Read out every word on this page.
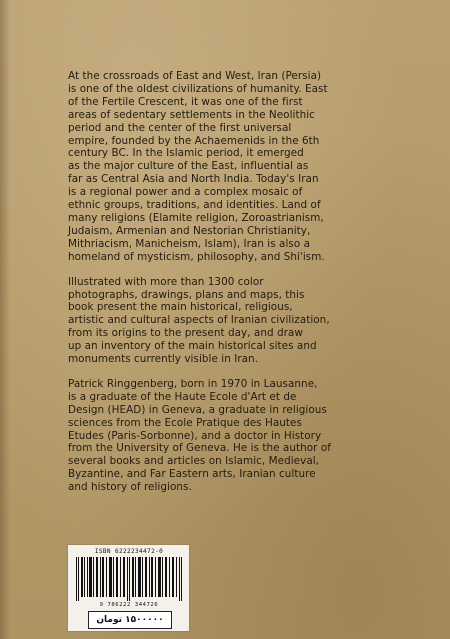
At the crossroads of East and West, Iran (Persia)
is one of the oldest civilizations of humanity. East
of the Fertile Crescent, it was one of the first
areas of sedentary settlements in the Neolithic
period and the center of the first universal
empire, founded by the Achaemenids in the 6th
century BC. In the Islamic period, it emerged
as the major culture of the East, influential as
far as Central Asia and North India. Today's Iran
is a regional power and a complex mosaic of
ethnic groups, traditions, and identities. Land of
many religions (Elamite religion, Zoroastrianism,
Judaism, Armenian and Nestorian Christianity,
Mithriacism, Manicheism, Islam), Iran is also a
homeland of mysticism, philosophy, and Shi'ism.

Illustrated with more than 1300 color
photographs, drawings, plans and maps, this
book present the main historical, religious,
artistic and cultural aspects of Iranian civilization,
from its origins to the present day, and draw
up an inventory of the main historical sites and
monuments currently visible in Iran.

Patrick Ringgenberg, born in 1970 in Lausanne,
is a graduate of the Haute Ecole d'Art et de
Design (HEAD) in Geneva, a graduate in religious
sciences from the Ecole Pratique des Hautes
Etudes (Paris-Sorbonne), and a doctor in History
from the University of Geneva. He is the author of
several books and articles on Islamic, Medieval,
Byzantine, and Far Eastern arts, Iranian culture
and history of religions.

ISBN 6222234472-0
9 786222 344726
۱۵۰۰۰۰۰ تومان
